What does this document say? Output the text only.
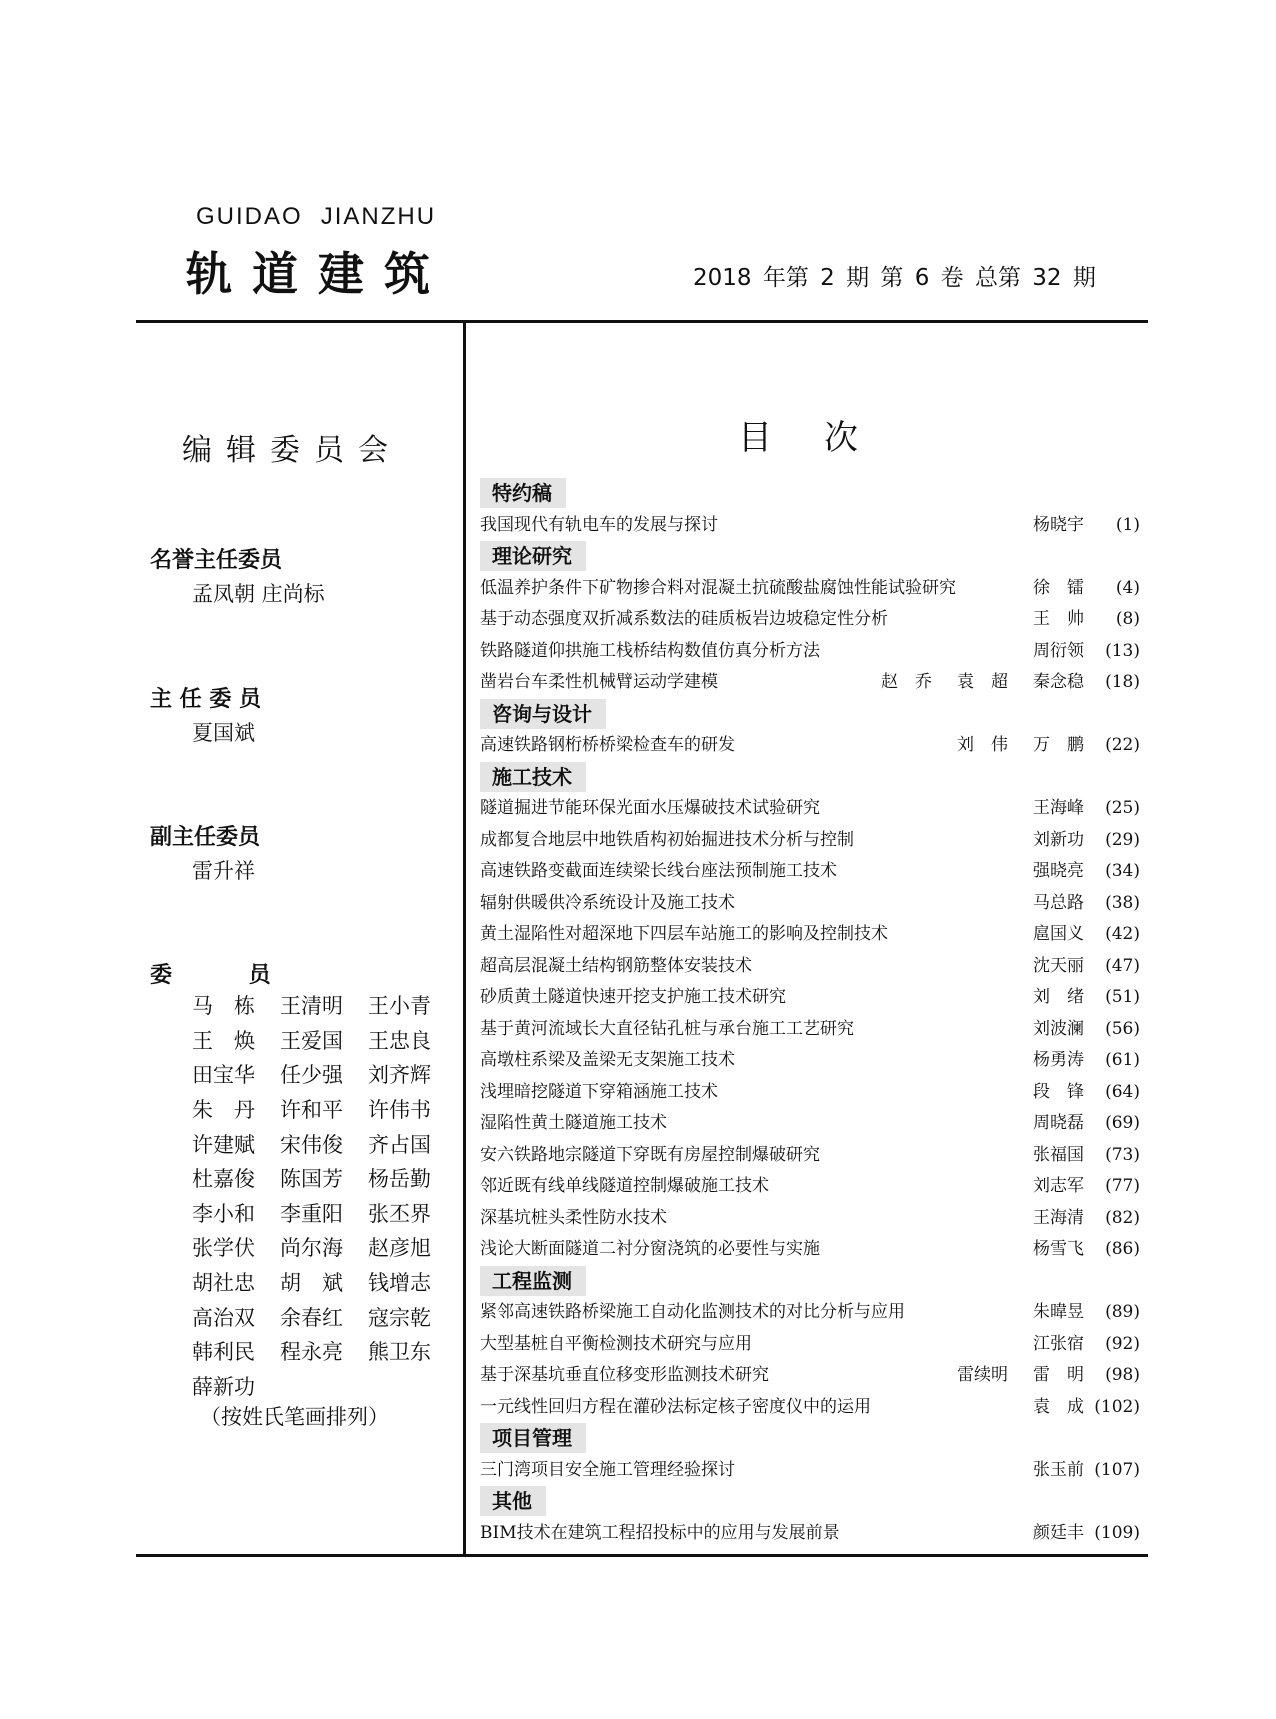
GUIDAO JIANZHU
轨道建筑	2018 年第 2 期 第 6 卷 总第 32 期
编辑委员会
名誉主任委员
孟凤朝 庄尚标
主 任 委 员
夏国斌
副主任委员
雷升祥
委          员
马　栋	王清明	王小青
王　焕	王爱国	王忠良
田宝华	任少强	刘齐辉
朱　丹	许和平	许伟书
许建赋	宋伟俊	齐占国
杜嘉俊	陈国芳	杨岳勤
李小和	李重阳	张丕界
张学伏	尚尔海	赵彦旭
胡社忠	胡　斌	钱增志
高治双	余春红	寇宗乾
韩利民	程永亮	熊卫东
薛新功
（按姓氏笔画排列）
目次
特约稿
我国现代有轨电车的发展与探讨	杨晓宇	(1)
理论研究
低温养护条件下矿物掺合料对混凝土抗硫酸盐腐蚀性能试验研究	徐　镭	(4)
基于动态强度双折减系数法的硅质板岩边坡稳定性分析	王　帅	(8)
铁路隧道仰拱施工栈桥结构数值仿真分析方法	周衍领	(13)
凿岩台车柔性机械臂运动学建模	赵　乔 袁　超 秦念稳	(18)
咨询与设计
高速铁路钢桁桥桥梁检查车的研发	刘　伟 万　鹏	(22)
施工技术
隧道掘进节能环保光面水压爆破技术试验研究	王海峰	(25)
成都复合地层中地铁盾构初始掘进技术分析与控制	刘新功	(29)
高速铁路变截面连续梁长线台座法预制施工技术	强晓亮	(34)
辐射供暖供冷系统设计及施工技术	马总路	(38)
黄土湿陷性对超深地下四层车站施工的影响及控制技术	扈国义	(42)
超高层混凝土结构钢筋整体安装技术	沈天丽	(47)
砂质黄土隧道快速开挖支护施工技术研究	刘　绪	(51)
基于黄河流域长大直径钻孔桩与承台施工工艺研究	刘波澜	(56)
高墩柱系梁及盖梁无支架施工技术	杨勇涛	(61)
浅埋暗挖隧道下穿箱涵施工技术	段　锋	(64)
湿陷性黄土隧道施工技术	周晓磊	(69)
安六铁路地宗隧道下穿既有房屋控制爆破研究	张福国	(73)
邻近既有线单线隧道控制爆破施工技术	刘志军	(77)
深基坑桩头柔性防水技术	王海清	(82)
浅论大断面隧道二衬分窗浇筑的必要性与实施	杨雪飞	(86)
工程监测
紧邻高速铁路桥梁施工自动化监测技术的对比分析与应用	朱暐昱	(89)
大型基桩自平衡检测技术研究与应用	江张宿	(92)
基于深基坑垂直位移变形监测技术研究	雷续明 雷　明	(98)
一元线性回归方程在灌砂法标定核子密度仪中的运用	袁　成 (102)
项目管理
三门湾项目安全施工管理经验探讨	张玉前 (107)
其他
BIM技术在建筑工程招投标中的应用与发展前景	颜廷丰 (109)
